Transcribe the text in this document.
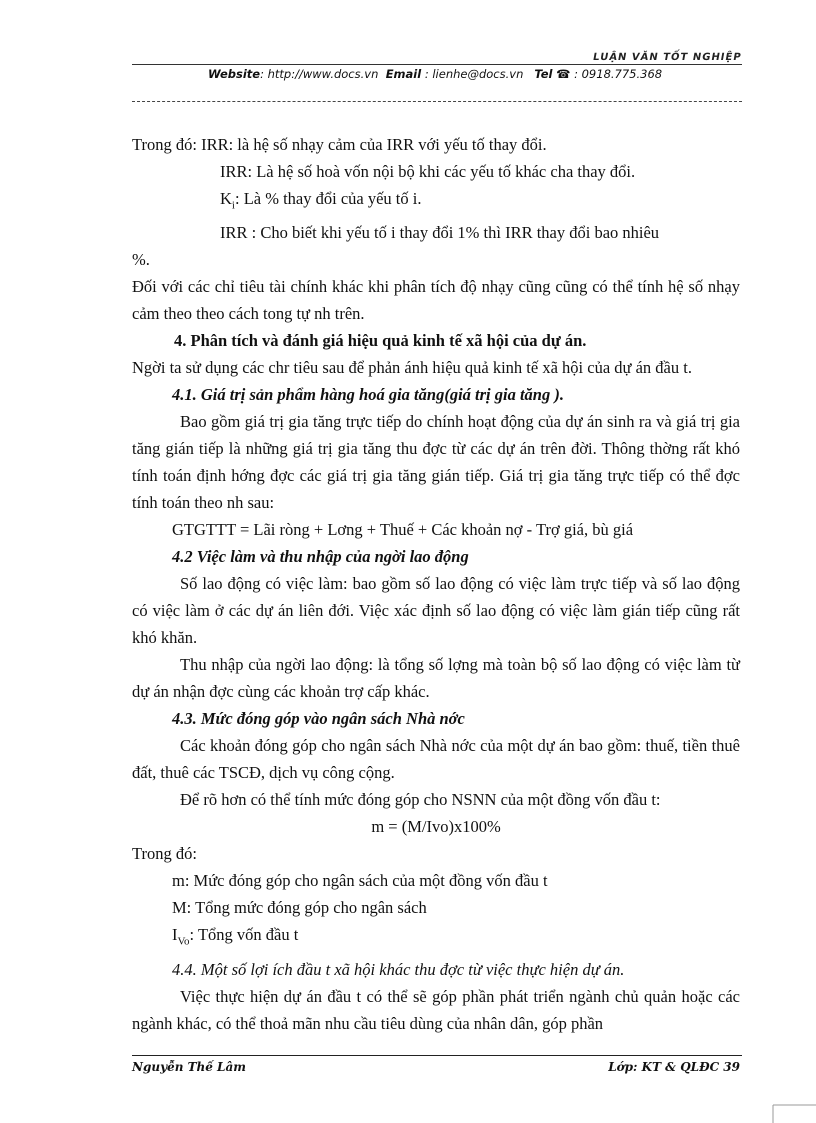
LUẬN VĂN TỐT NGHIỆP
Website: http://www.docs.vn Email : lienhe@docs.vn Tel ☎ : 0918.775.368

Trong đó: IRR: là hệ số nhạy cảm của IRR với yếu tố thay đổi.

IRR: Là hệ số hoà vốn nội bộ khi các yếu tố khác cha thay đổi.

$K_i$: Là % thay đổi của yếu tố i.

IRR : Cho biết khi yếu tố i thay đổi 1% thì IRR thay đổi bao nhiêu

%.

Đối với các chỉ tiêu tài chính khác khi phân tích độ nhạy cũng cũng có thể tính hệ số nhạy cảm theo theo cách tong tự nh trên.

4. Phân tích và đánh giá hiệu quả kinh tế xã hội của dự án.

Ngời ta sử dụng các chr tiêu sau để phản ánh hiệu quả kinh tế xã hội của dự án đầu t.

4.1. Giá trị sản phẩm hàng hoá gia tăng(giá trị gia tăng ).

Bao gồm giá trị gia tăng trực tiếp do chính hoạt động của dự án sinh ra và giá trị gia tăng gián tiếp là những giá trị gia tăng thu đợc từ các dự án trên đời. Thông thờng rất khó tính toán định hớng đợc các giá trị gia tăng gián tiếp. Giá trị gia tăng trực tiếp có thể đợc tính toán theo nh sau:

GTGTTT = Lãi ròng + Lơng + Thuế + Các khoản nợ - Trợ giá, bù giá

4.2 Việc làm và thu nhập của ngời lao động

Số lao động có việc làm: bao gồm số lao động có việc làm trực tiếp và số lao động có việc làm ở các dự án liên đới. Việc xác định số lao động có việc làm gián tiếp cũng rất khó khăn.

Thu nhập của ngời lao động: là tổng số lợng mà toàn bộ số lao động có việc làm từ dự án nhận đợc cùng các khoản trợ cấp khác.

4.3. Mức đóng góp vào ngân sách Nhà nớc

Các khoản đóng góp cho ngân sách Nhà nớc của một dự án bao gồm: thuế, tiền thuê đất, thuê các TSCĐ, dịch vụ công cộng.

Để rõ hơn có thể tính mức đóng góp cho NSNN của một đồng vốn đầu t:

m = (M/Ivo)x100%

Trong đó:

m: Mức đóng góp cho ngân sách của một đồng vốn đầu t

M: Tổng mức đóng góp cho ngân sách

$I_{Vo}$: Tổng vốn đầu t

4.4. Một số lợi ích đầu t xã hội khác thu đợc từ việc thực hiện dự án.

Việc thực hiện dự án đầu t có thể sẽ góp phần phát triển ngành chủ quản hoặc các ngành khác, có thể thoả mãn nhu cầu tiêu dùng của nhân dân, góp phần

Nguyễn Thế Lâm	Lớp: KT & QLĐC 39
